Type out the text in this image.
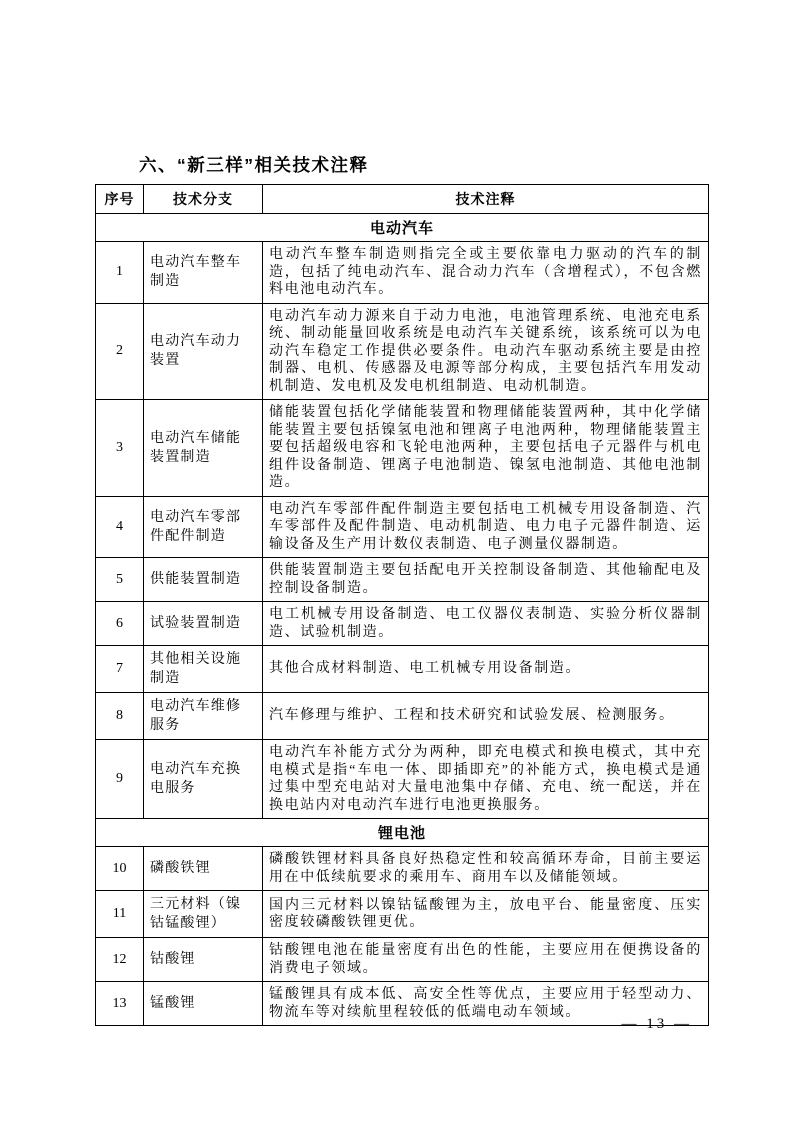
六、“新三样”相关技术注释
序号	技术分支	技术注释
电动汽车		
1	电动汽车整车制造	电动汽车整车制造则指完全或主要依靠电力驱动的汽车的制造，包括了纯电动汽车、混合动力汽车（含增程式），不包含燃料电池电动汽车。
2	电动汽车动力装置	电动汽车动力源来自于动力电池，电池管理系统、电池充电系统、制动能量回收系统是电动汽车关键系统，该系统可以为电动汽车稳定工作提供必要条件。电动汽车驱动系统主要是由控制器、电机、传感器及电源等部分构成，主要包括汽车用发动机制造、发电机及发电机组制造、电动机制造。
3	电动汽车储能装置制造	储能装置包括化学储能装置和物理储能装置两种，其中化学储能装置主要包括镍氢电池和锂离子电池两种，物理储能装置主要包括超级电容和飞轮电池两种，主要包括电子元器件与机电组件设备制造、锂离子电池制造、镍氢电池制造、其他电池制造。
4	电动汽车零部件配件制造	电动汽车零部件配件制造主要包括电工机械专用设备制造、汽车零部件及配件制造、电动机制造、电力电子元器件制造、运输设备及生产用计数仪表制造、电子测量仪器制造。
5	供能装置制造	供能装置制造主要包括配电开关控制设备制造、其他输配电及控制设备制造。
6	试验装置制造	电工机械专用设备制造、电工仪器仪表制造、实验分析仪器制造、试验机制造。
7	其他相关设施制造	其他合成材料制造、电工机械专用设备制造。
8	电动汽车维修服务	汽车修理与维护、工程和技术研究和试验发展、检测服务。
9	电动汽车充换电服务	电动汽车补能方式分为两种，即充电模式和换电模式，其中充电模式是指“车电一体、即插即充”的补能方式，换电模式是通过集中型充电站对大量电池集中存储、充电、统一配送，并在换电站内对电动汽车进行电池更换服务。
锂电池		
10	磷酸铁锂	磷酸铁锂材料具备良好热稳定性和较高循环寿命，目前主要运用在中低续航要求的乘用车、商用车以及储能领域。
11	三元材料（镍钴锰酸锂）	国内三元材料以镍钴锰酸锂为主，放电平台、能量密度、压实密度较磷酸铁锂更优。
12	钴酸锂	钴酸锂电池在能量密度有出色的性能，主要应用在便携设备的消费电子领域。
13	锰酸锂	锰酸锂具有成本低、高安全性等优点，主要应用于轻型动力、物流车等对续航里程较低的低端电动车领域。
— 13 —
